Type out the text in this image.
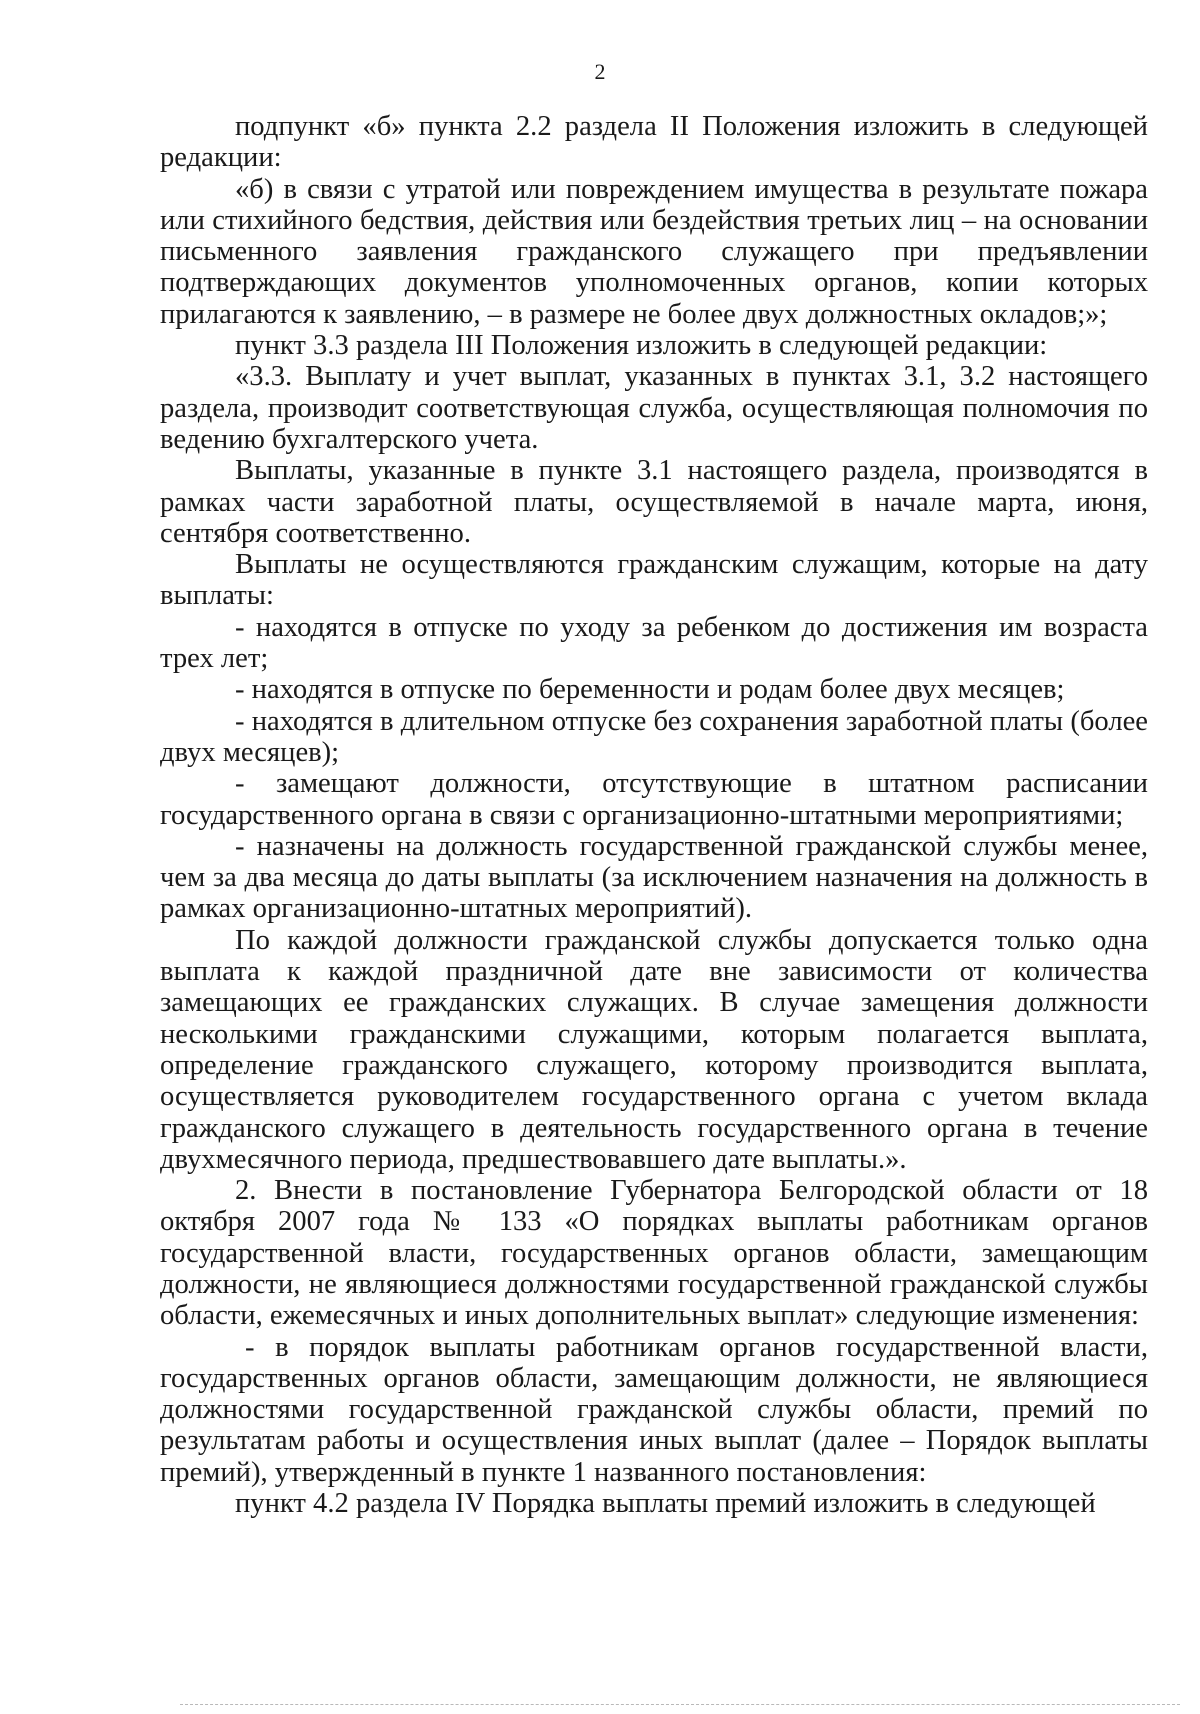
2

подпункт «б» пункта 2.2 раздела II Положения изложить в следующей редакции:

«б) в связи с утратой или повреждением имущества в результате пожара или стихийного бедствия, действия или бездействия третьих лиц – на основании письменного заявления гражданского служащего при предъявлении подтверждающих документов уполномоченных органов, копии которых прилагаются к заявлению, – в размере не более двух должностных окладов;»;

пункт 3.3 раздела III Положения изложить в следующей редакции:

«3.3. Выплату и учет выплат, указанных в пунктах 3.1, 3.2 настоящего раздела, производит соответствующая служба, осуществляющая полномочия по ведению бухгалтерского учета.

Выплаты, указанные в пункте 3.1 настоящего раздела, производятся в рамках части заработной платы, осуществляемой в начале марта, июня, сентября соответственно.

Выплаты не осуществляются гражданским служащим, которые на дату выплаты:

- находятся в отпуске по уходу за ребенком до достижения им возраста трех лет;

- находятся в отпуске по беременности и родам более двух месяцев;

- находятся в длительном отпуске без сохранения заработной платы (более двух месяцев);

- замещают должности, отсутствующие в штатном расписании государственного органа в связи с организационно-штатными мероприятиями;

- назначены на должность государственной гражданской службы менее, чем за два месяца до даты выплаты (за исключением назначения на должность в рамках организационно-штатных мероприятий).

По каждой должности гражданской службы допускается только одна выплата к каждой праздничной дате вне зависимости от количества замещающих ее гражданских служащих. В случае замещения должности несколькими гражданскими служащими, которым полагается выплата, определение гражданского служащего, которому производится выплата, осуществляется руководителем государственного органа с учетом вклада гражданского служащего в деятельность государственного органа в течение двухмесячного периода, предшествовавшего дате выплаты.».

2. Внести в постановление Губернатора Белгородской области от 18 октября 2007 года № 133 «О порядках выплаты работникам органов государственной власти, государственных органов области, замещающим должности, не являющиеся должностями государственной гражданской службы области, ежемесячных и иных дополнительных выплат» следующие изменения:

- в порядок выплаты работникам органов государственной власти, государственных органов области, замещающим должности, не являющиеся должностями государственной гражданской службы области, премий по результатам работы и осуществления иных выплат (далее – Порядок выплаты премий), утвержденный в пункте 1 названного постановления:

пункт 4.2 раздела IV Порядка выплаты премий изложить в следующей
